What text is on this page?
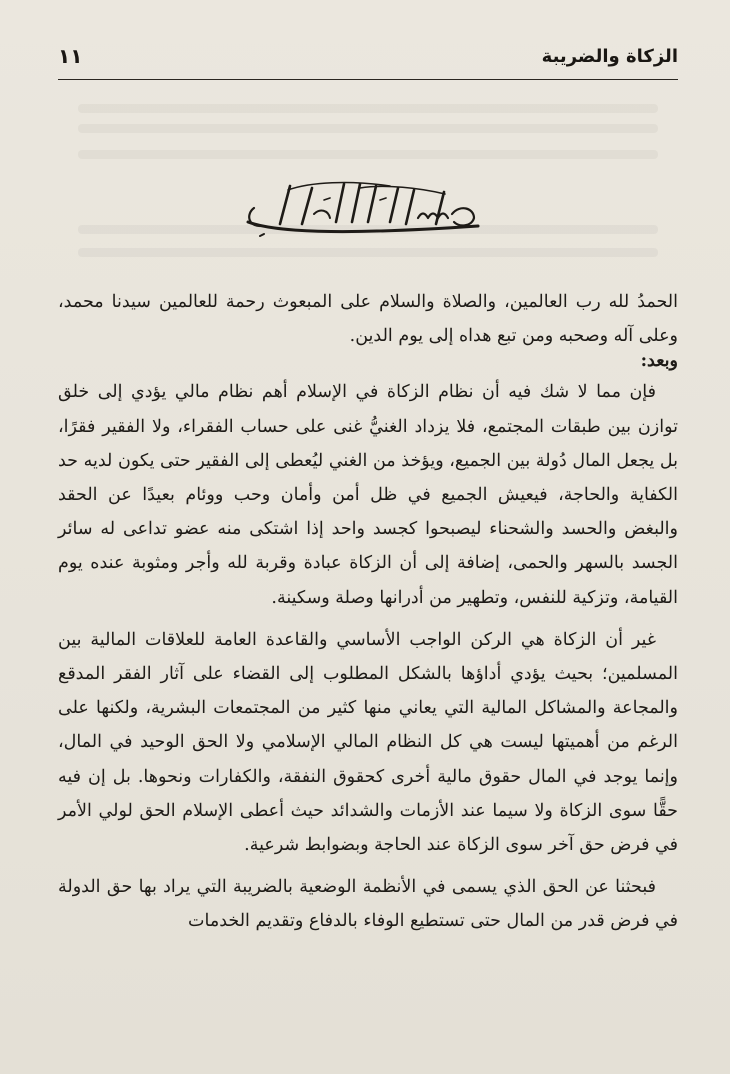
الزكاة والضريبة
١١

الحمدُ لله رب العالمين، والصلاة والسلام على المبعوث رحمة للعالمين سيدنا محمد، وعلى آله وصحبه ومن تبع هداه إلى يوم الدين.

وبعد:

فإن مما لا شك فيه أن نظام الزكاة في الإسلام أهم نظام مالي يؤدي إلى خلق توازن بين طبقات المجتمع، فلا يزداد الغنيُّ غنى على حساب الفقراء، ولا الفقير فقرًا، بل يجعل المال دُولة بين الجميع، ويؤخذ من الغني ليُعطى إلى الفقير حتى يكون لديه حد الكفاية والحاجة، فيعيش الجميع في ظل أمن وأمان وحب ووئام بعيدًا عن الحقد والبغض والحسد والشحناء ليصبحوا كجسد واحد إذا اشتكى منه عضو تداعى له سائر الجسد بالسهر والحمى، إضافة إلى أن الزكاة عبادة وقربة لله وأجر ومثوبة عنده يوم القيامة، وتزكية للنفس، وتطهير من أدرانها وصلة وسكينة.

غير أن الزكاة هي الركن الواجب الأساسي والقاعدة العامة للعلاقات المالية بين المسلمين؛ بحيث يؤدي أداؤها بالشكل المطلوب إلى القضاء على آثار الفقر المدقع والمجاعة والمشاكل المالية التي يعاني منها كثير من المجتمعات البشرية، ولكنها على الرغم من أهميتها ليست هي كل النظام المالي الإسلامي ولا الحق الوحيد في المال، وإنما يوجد في المال حقوق مالية أخرى كحقوق النفقة، والكفارات ونحوها. بل إن فيه حقًّا سوى الزكاة ولا سيما عند الأزمات والشدائد حيث أعطى الإسلام الحق لولي الأمر في فرض حق آخر سوى الزكاة عند الحاجة وبضوابط شرعية.

فبحثنا عن الحق الذي يسمى في الأنظمة الوضعية بالضريبة التي يراد بها حق الدولة في فرض قدر من المال حتى تستطيع الوفاء بالدفاع وتقديم الخدمات
